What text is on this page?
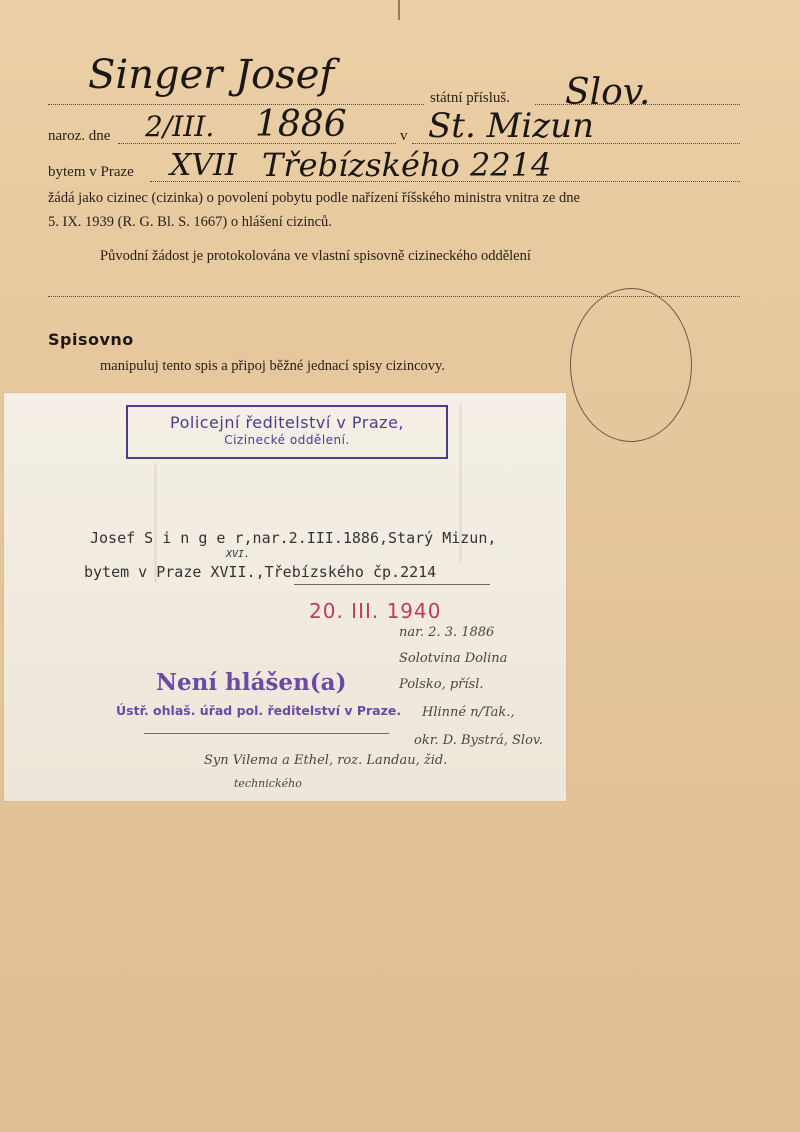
Singer Josef	státní přísluš. Slov.
naroz. dne 2/III. 1886	v St. Mizun
bytem v Praze XVII Třebízského 2214
žádá jako cizinec (cizinka) o povolení pobytu podle nařízení říšského ministra vnitra ze dne
5. IX. 1939 (R. G. Bl. S. 1667) o hlášení cizinců.
Původní žádost je protokolována ve vlastní spisovně cizineckého oddělení
Spisovno
manipuluj tento spis a připoj běžné jednací spisy cizincovy.
Policejní ředitelství v Praze,
Cizinecké oddělení.
Josef S i n g e r,nar.2.III.1886,Starý Mizun,
XVI.
bytem v Praze XVII.,Třebízského čp.2214
20. III. 1940
Není hlášen(a)
Ústř. ohlaš. úřad pol. ředitelství v Praze.
nar. 2. 3. 1886
Solotvina Dolina
Polsko, přísl.
Hlinné n/Tak.,
okr. D. Bystrá, Slov.
Syn Vilema a Ethel, roz. Landau, žid.
technického
